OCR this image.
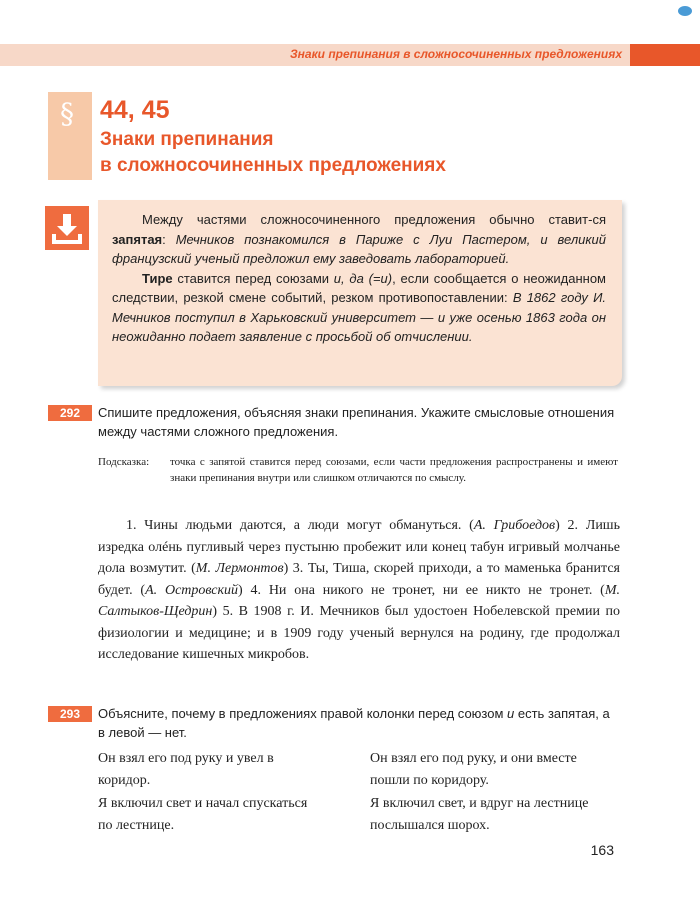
Знаки препинания в сложносочиненных предложениях
§ 44, 45
Знаки препинания
в сложносочиненных предложениях

Между частями сложносочиненного предложения обычно ставит-ся запятая: Мечников познакомился в Париже с Луи Пастером, и великий французский ученый предложил ему заведовать лабораторией.

Тире ставится перед союзами и, да (=и), если сообщается о неожиданном следствии, резкой смене событий, резком противопоставлении: В 1862 году И. Мечников поступил в Харьковский университет — и уже осенью 1863 года он неожиданно подает заявление с просьбой об отчислении.

292	Спишите предложения, объясняя знаки препинания. Укажите смысловые отношения между частями сложного предложения.
Подсказка: точка с запятой ставится перед союзами, если части предложения распространены и имеют знаки препинания внутри или слишком отличаются по смыслу.
1. Чины людьми даются, а люди могут обмануться. (А. Грибоедов) 2. Лишь изредка олéнь пугливый через пустыню пробежит или конец табун игривый молчанье дола возмутит. (М. Лермонтов) 3. Ты, Тиша, скорей приходи, а то маменька бранится будет. (А. Островский) 4. Ни она никого не тронет, ни ее никто не тронет. (М. Салтыков-Щедрин) 5. В 1908 г. И. Мечников был удостоен Нобелевской премии по физиологии и медицине; и в 1909 году ученый вернулся на родину, где продолжал исследование кишечных микробов.
293	Объясните, почему в предложениях правой колонки перед союзом и есть запятая, а в левой — нет.
Он взял его под руку и увел в коридор.
Я включил свет и начал спускаться по лестнице.
Он взял его под руку, и они вместе пошли по коридору.
Я включил свет, и вдруг на лестнице послышался шорох.
163
